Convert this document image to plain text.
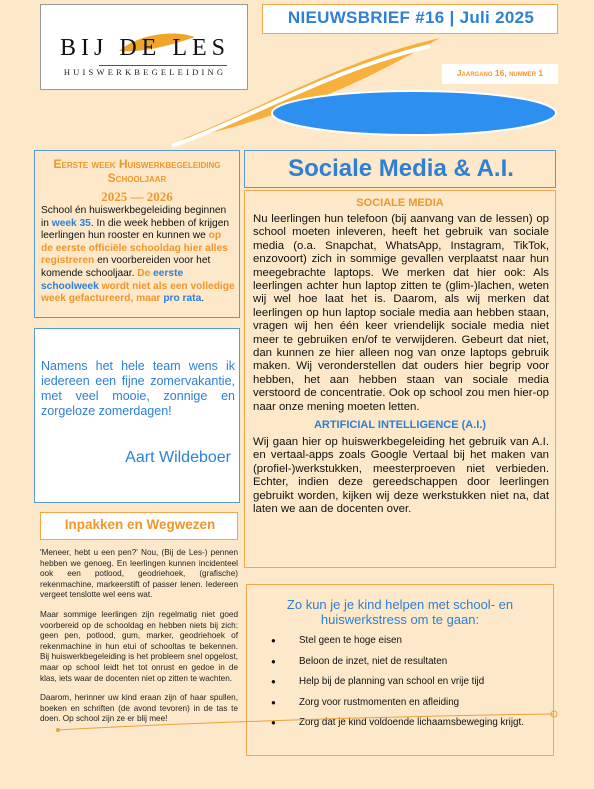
BIJ DE LES
HUISWERKBEGELEIDING
NIEUWSBRIEF #16 | Juli 2025
Jaargang 16, nummer 1
Eerste week Huiswerkbegeleiding Schooljaar
2025 — 2026
School én huiswerkbegeleiding beginnen in week 35. In die week hebben of krijgen leerlingen hun rooster en kunnen we op de eerste officiële schooldag hier alles registreren en voorbereiden voor het komende schooljaar. De eerste schoolweek wordt niet als een volledige week gefactureerd, maar pro rata.
Namens het hele team wens ik iedereen een fijne zomervakantie, met veel mooie, zonnige en zorgeloze zomerdagen!
Aart Wildeboer
Inpakken en Wegwezen

'Meneer, hebt u een pen?' Nou, (Bij de Les-) pennen hebben we genoeg. En leerlingen kunnen incidenteel ook een potlood, geodriehoek, (grafische) rekenmachine, markeerstift of passer lenen. Iedereen vergeet tenslotte wel eens wat.

Maar sommige leerlingen zijn regelmatig niet goed voorbereid op de schooldag en hebben niets bij zich: geen pen, potlood, gum, marker, geodriehoek of rekenmachine in hun etui of schooltas te bekennen. Bij huiswerkbegeleiding is het probleem snel opgelost, maar op school leidt het tot onrust en gedoe in de klas, iets waar de docenten niet op zitten te wachten.

Daarom, herinner uw kind eraan zijn of haar spullen, boeken en schriften (de avond tevoren) in de tas te doen. Op school zijn ze er blij mee!

Sociale Media & A.I.
SOCIALE MEDIA
Nu leerlingen hun telefoon (bij aanvang van de lessen) op school moeten inleveren, heeft het gebruik van sociale media (o.a. Snapchat, WhatsApp, Instagram, TikTok, enzovoort) zich in sommige gevallen verplaatst naar hun meegebrachte laptops. We merken dat hier ook: Als leerlingen achter hun laptop zitten te (glim-)lachen, weten wij wel hoe laat het is. Daarom, als wij merken dat leerlingen op hun laptop sociale media aan hebben staan, vragen wij hen één keer vriendelijk sociale media niet meer te gebruiken en/of te verwijderen. Gebeurt dat niet, dan kunnen ze hier alleen nog van onze laptops gebruik maken. Wij veronderstellen dat ouders hier begrip voor hebben, het aan hebben staan van sociale media verstoord de concentratie. Ook op school zou men hier-op naar onze mening moeten letten.
ARTIFICIAL INTELLIGENCE (A.I.)
Wij gaan hier op huiswerkbegeleiding het gebruik van A.I. en vertaal-apps zoals Google Vertaal bij het maken van (profiel-)werkstukken, meesterproeven niet verbieden. Echter, indien deze gereedschappen door leerlingen gebruikt worden, kijken wij deze werkstukken niet na, dat laten we aan de docenten over.
Zo kun je je kind helpen met school- en huiswerkstress om te gaan:
● Stel geen te hoge eisen
● Beloon de inzet, niet de resultaten
● Help bij de planning van school en vrije tijd
● Zorg voor rustmomenten en afleiding
● Zorg dat je kind voldoende lichaamsbeweging krijgt.
